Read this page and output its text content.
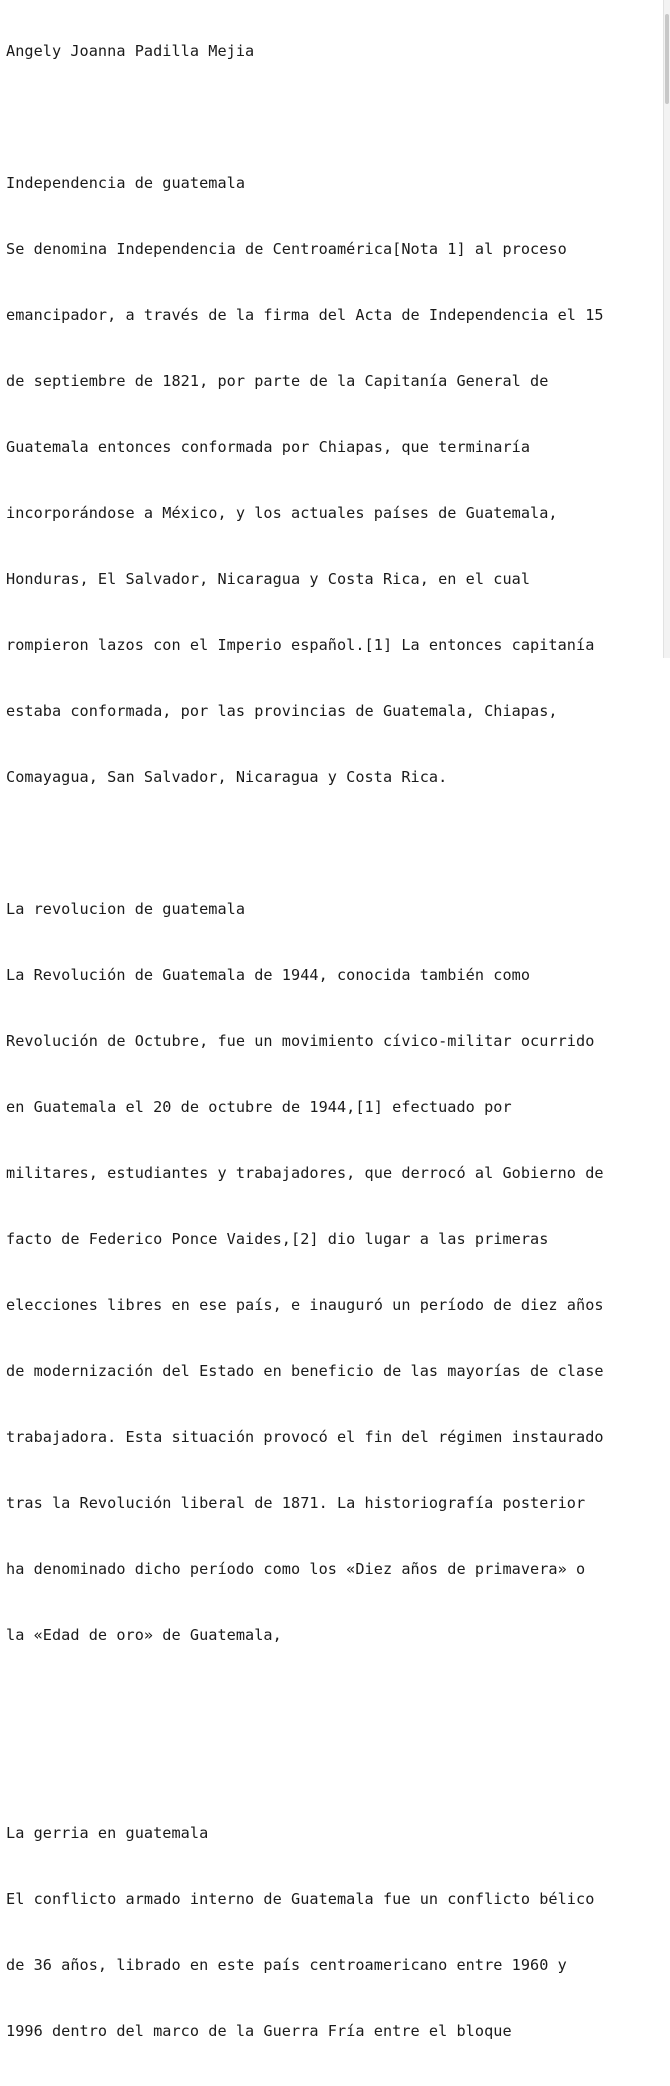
Angely Joanna Padilla Mejia

Independencia de guatemala

Se denomina Independencia de Centroamérica[Nota 1] al proceso

emancipador, a través de la firma del Acta de Independencia el 15

de septiembre de 1821, por parte de la Capitanía General de

Guatemala entonces conformada por Chiapas, que terminaría

incorporándose a México, y los actuales países de Guatemala,

Honduras, El Salvador, Nicaragua y Costa Rica, en el cual

rompieron lazos con el Imperio español.[1] La entonces capitanía

estaba conformada, por las provincias de Guatemala, Chiapas,

Comayagua, San Salvador, Nicaragua y Costa Rica.

La revolucion de guatemala

La Revolución de Guatemala de 1944, conocida también como

Revolución de Octubre, fue un movimiento cívico-militar ocurrido

en Guatemala el 20 de octubre de 1944,[1] efectuado por

militares, estudiantes y trabajadores, que derrocó al Gobierno de

facto de Federico Ponce Vaides,[2] dio lugar a las primeras

elecciones libres en ese país, e inauguró un período de diez años

de modernización del Estado en beneficio de las mayorías de clase

trabajadora. Esta situación provocó el fin del régimen instaurado

tras la Revolución liberal de 1871. La historiografía posterior

ha denominado dicho período como los «Diez años de primavera» o

la «Edad de oro» de Guatemala,

La gerria en guatemala

El conflicto armado interno de Guatemala fue un conflicto bélico

de 36 años, librado en este país centroamericano entre 1960 y

1996 dentro del marco de la Guerra Fría entre el bloque
